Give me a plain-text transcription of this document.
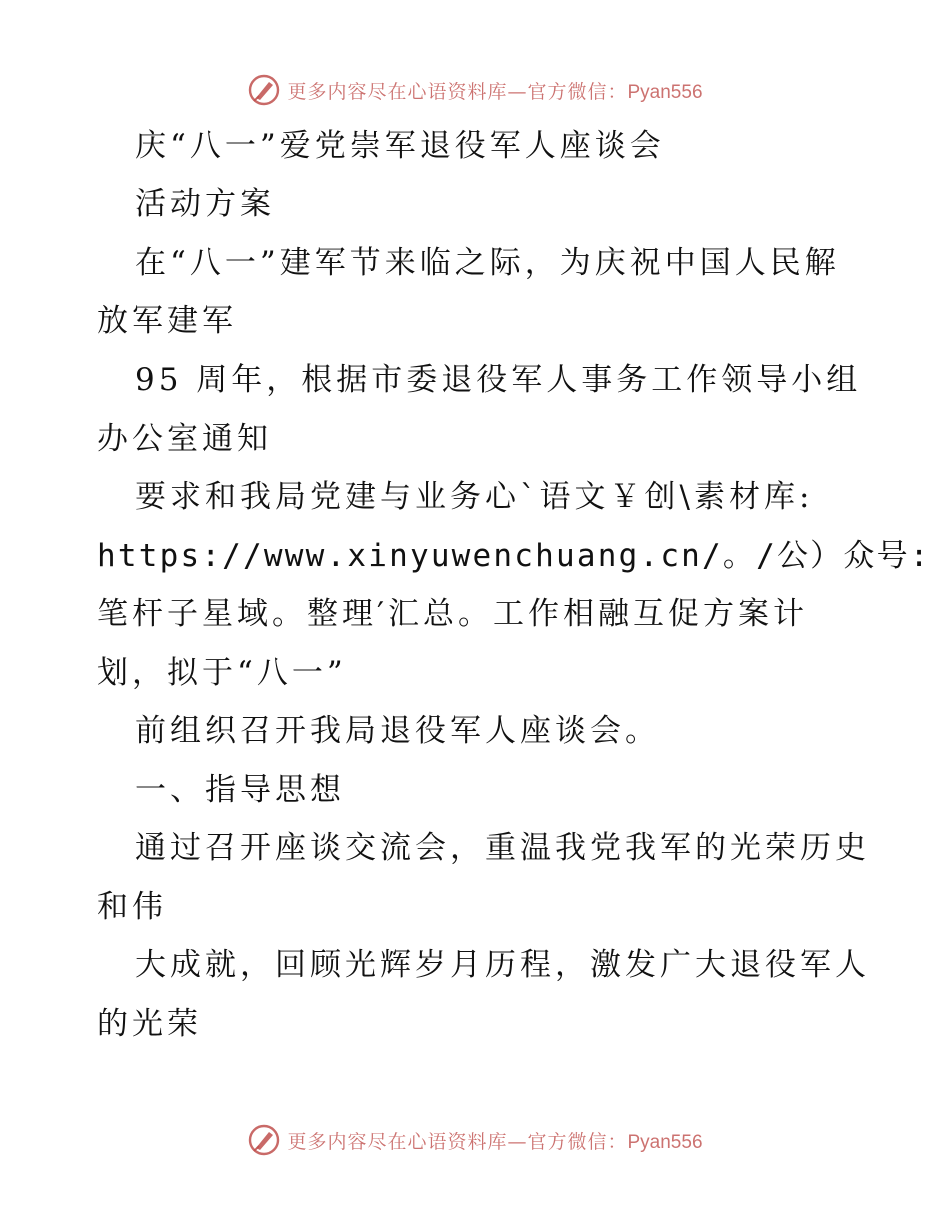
更多内容尽在心语资料库—官方微信：Pyan556
庆“八一”爱党崇军退役军人座谈会
活动方案
在“八一”建军节来临之际，为庆祝中国人民解
放军建军
95 周年，根据市委退役军人事务工作领导小组
办公室通知
要求和我局党建与业务心`语文￥创\素材库:
https://www.xinyuwenchuang.cn/。/公）众号:
笔杆子星域。整理′汇总。工作相融互促方案计
划，拟于“八一”
前组织召开我局退役军人座谈会。
一、指导思想
通过召开座谈交流会，重温我党我军的光荣历史
和伟
大成就，回顾光辉岁月历程，激发广大退役军人
的光荣
更多内容尽在心语资料库—官方微信：Pyan556
